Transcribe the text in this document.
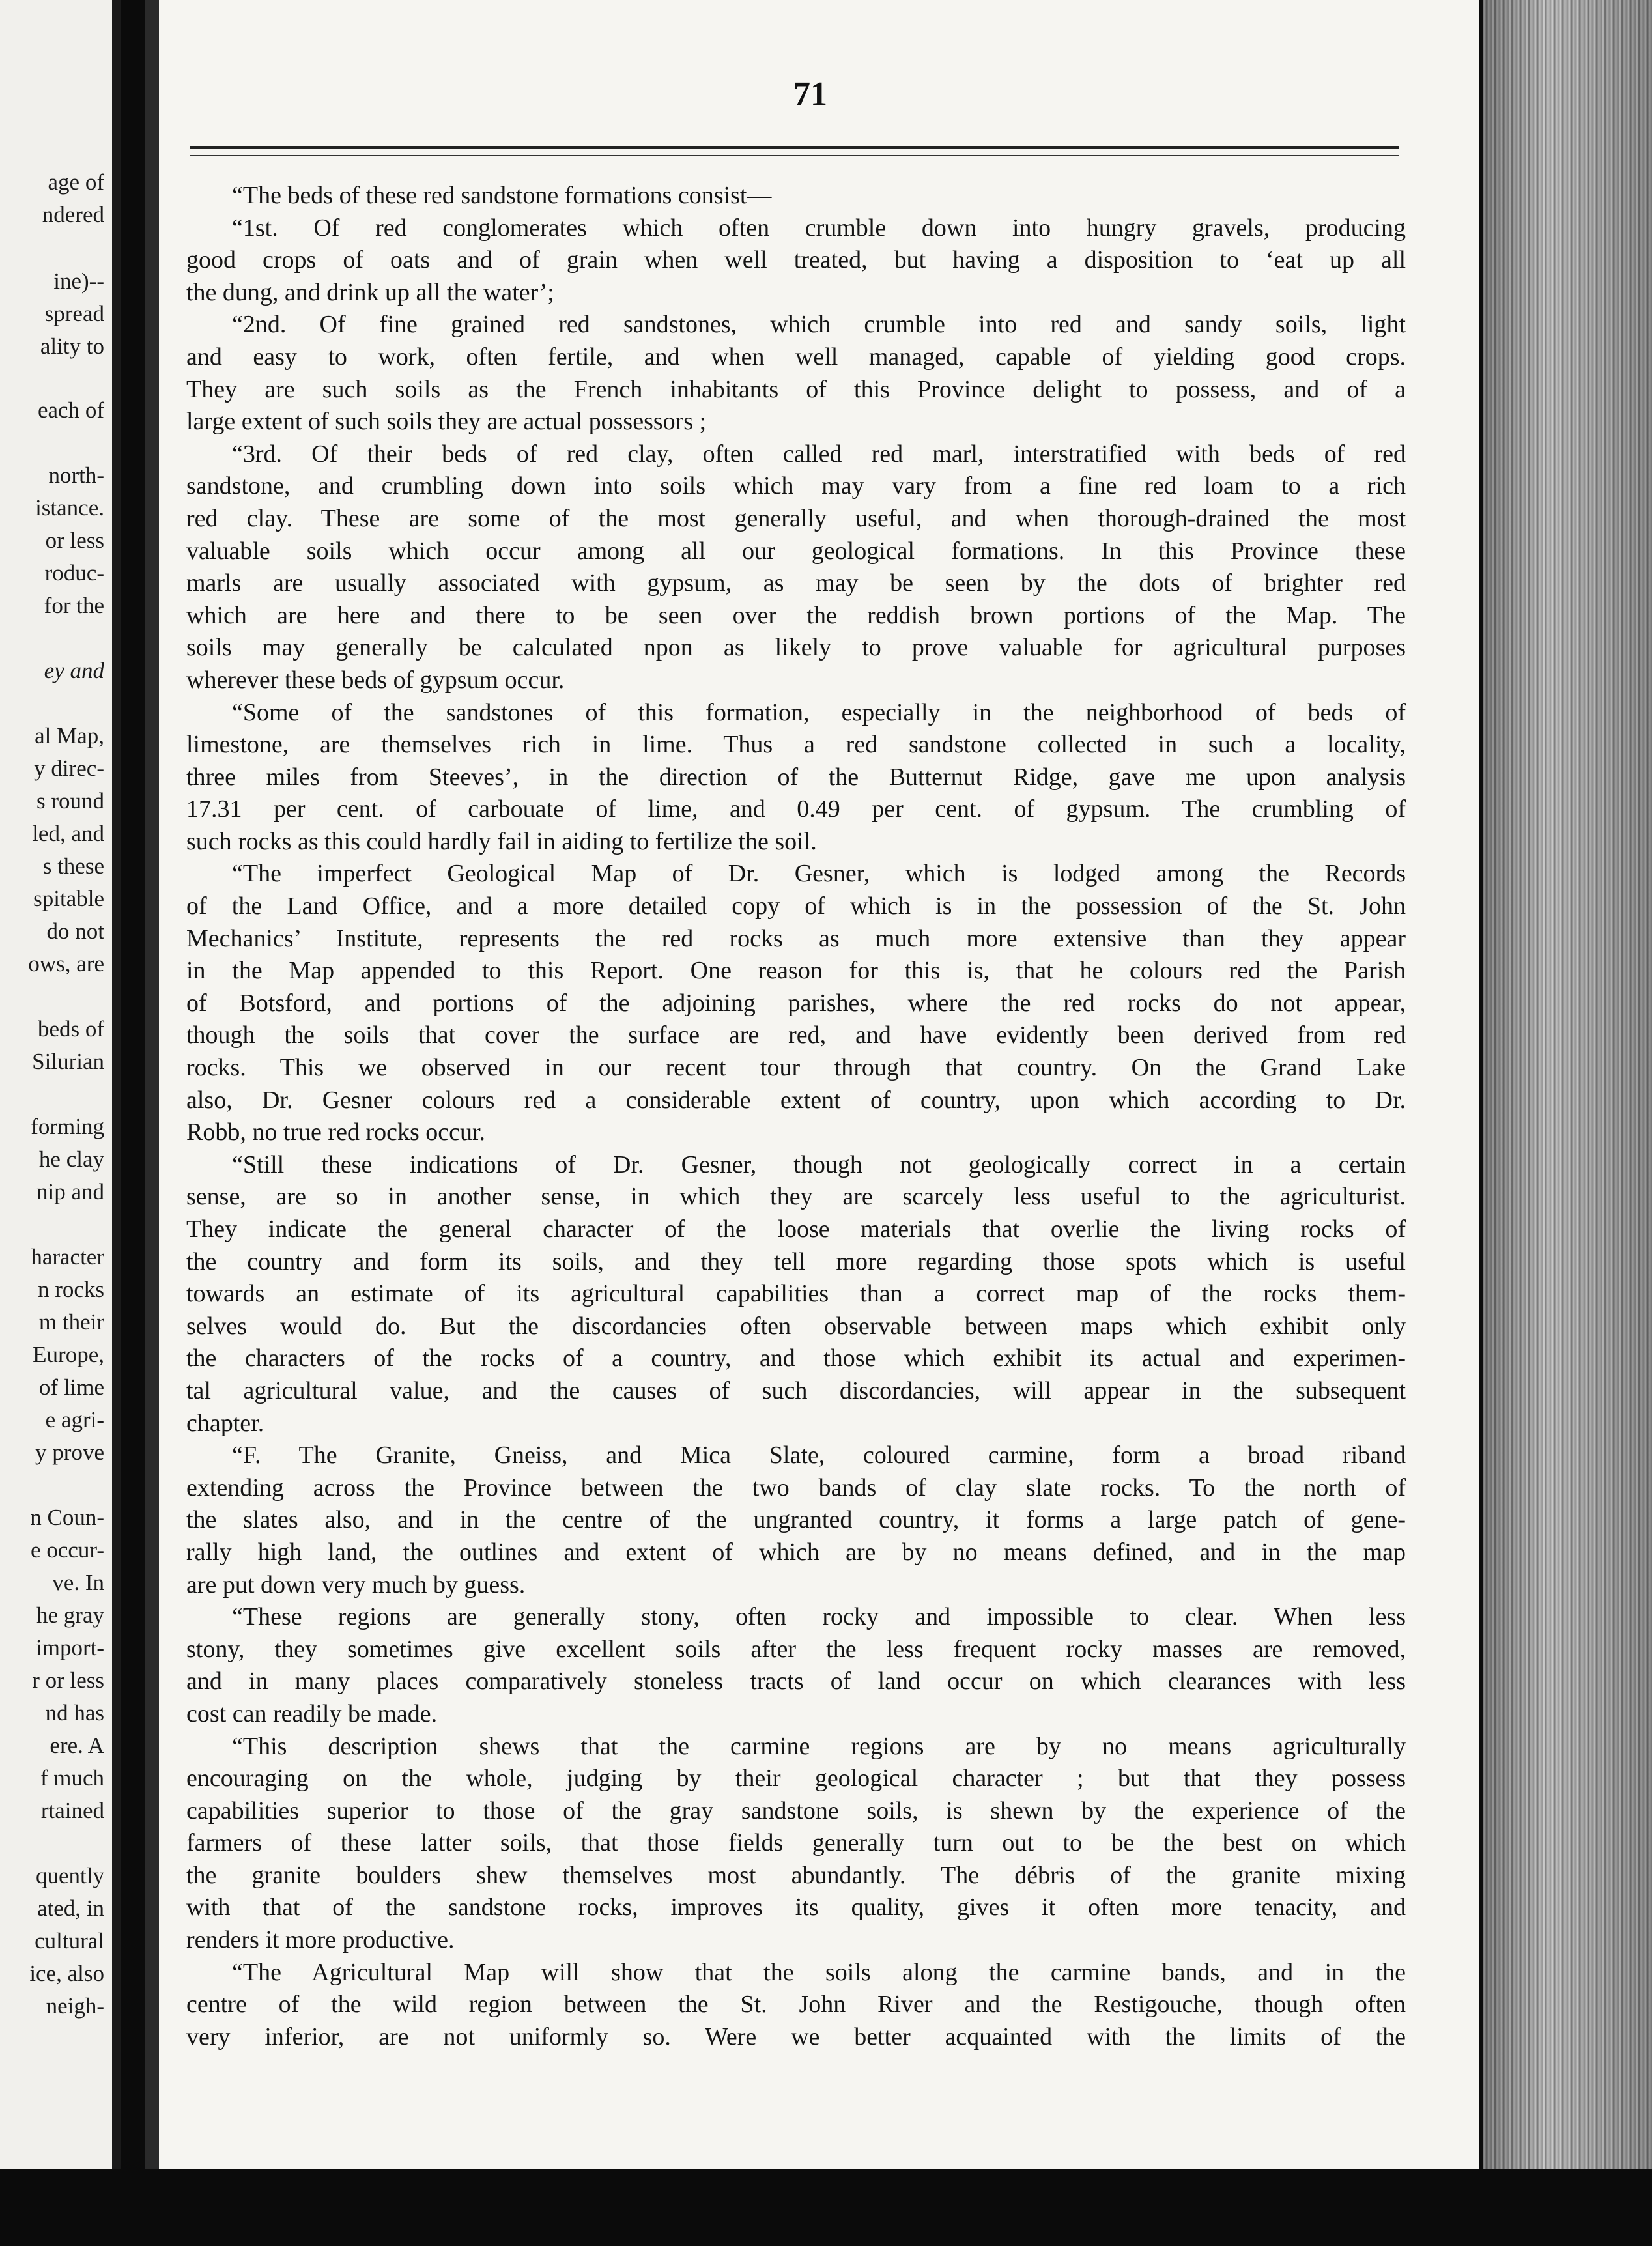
age of
ndered
ine)--
spread
ality to
each of
north-
istance.
or less
roduc-
for the
ey and
al Map,
y direc-
s round
led, and
s these
spitable
do not
ows, are
beds of
Silurian
forming
he clay
nip and
haracter
n rocks
m their
Europe,
of lime
e agri-
y prove
n Coun-
e occur-
ve. In
he gray
import-
r or less
nd has
ere. A
f much
rtained
quently
ated, in
cultural
ice, also
neigh-
71
“The beds of these red sandstone formations consist—
“1st. Of red conglomerates which often crumble down into hungry gravels, producing
good crops of oats and of grain when well treated, but having a disposition to ‘eat up all
the dung, and drink up all the water’;
“2nd. Of fine grained red sandstones, which crumble into red and sandy soils, light
and easy to work, often fertile, and when well managed, capable of yielding good crops.
They are such soils as the French inhabitants of this Province delight to possess, and of a
large extent of such soils they are actual possessors ;
“3rd. Of their beds of red clay, often called red marl, interstratified with beds of red
sandstone, and crumbling down into soils which may vary from a fine red loam to a rich
red clay. These are some of the most generally useful, and when thorough-drained the most
valuable soils which occur among all our geological formations. In this Province these
marls are usually associated with gypsum, as may be seen by the dots of brighter red
which are here and there to be seen over the reddish brown portions of the Map. The
soils may generally be calculated npon as likely to prove valuable for agricultural purposes
wherever these beds of gypsum occur.
“Some of the sandstones of this formation, especially in the neighborhood of beds of
limestone, are themselves rich in lime. Thus a red sandstone collected in such a locality,
three miles from Steeves’, in the direction of the Butternut Ridge, gave me upon analysis
17.31 per cent. of carbouate of lime, and 0.49 per cent. of gypsum. The crumbling of
such rocks as this could hardly fail in aiding to fertilize the soil.
“The imperfect Geological Map of Dr. Gesner, which is lodged among the Records
of the Land Office, and a more detailed copy of which is in the possession of the St. John
Mechanics’ Institute, represents the red rocks as much more extensive than they appear
in the Map appended to this Report. One reason for this is, that he colours red the Parish
of Botsford, and portions of the adjoining parishes, where the red rocks do not appear,
though the soils that cover the surface are red, and have evidently been derived from red
rocks. This we observed in our recent tour through that country. On the Grand Lake
also, Dr. Gesner colours red a considerable extent of country, upon which according to Dr.
Robb, no true red rocks occur.
“Still these indications of Dr. Gesner, though not geologically correct in a certain
sense, are so in another sense, in which they are scarcely less useful to the agriculturist.
They indicate the general character of the loose materials that overlie the living rocks of
the country and form its soils, and they tell more regarding those spots which is useful
towards an estimate of its agricultural capabilities than a correct map of the rocks them-
selves would do. But the discordancies often observable between maps which exhibit only
the characters of the rocks of a country, and those which exhibit its actual and experimen-
tal agricultural value, and the causes of such discordancies, will appear in the subsequent
chapter.
“F. The Granite, Gneiss, and Mica Slate, coloured carmine, form a broad riband
extending across the Province between the two bands of clay slate rocks. To the north of
the slates also, and in the centre of the ungranted country, it forms a large patch of gene-
rally high land, the outlines and extent of which are by no means defined, and in the map
are put down very much by guess.
“These regions are generally stony, often rocky and impossible to clear. When less
stony, they sometimes give excellent soils after the less frequent rocky masses are removed,
and in many places comparatively stoneless tracts of land occur on which clearances with less
cost can readily be made.
“This description shews that the carmine regions are by no means agriculturally
encouraging on the whole, judging by their geological character ; but that they possess
capabilities superior to those of the gray sandstone soils, is shewn by the experience of the
farmers of these latter soils, that those fields generally turn out to be the best on which
the granite boulders shew themselves most abundantly. The débris of the granite mixing
with that of the sandstone rocks, improves its quality, gives it often more tenacity, and
renders it more productive.
“The Agricultural Map will show that the soils along the carmine bands, and in the
centre of the wild region between the St. John River and the Restigouche, though often
very inferior, are not uniformly so. Were we better acquainted with the limits of the
